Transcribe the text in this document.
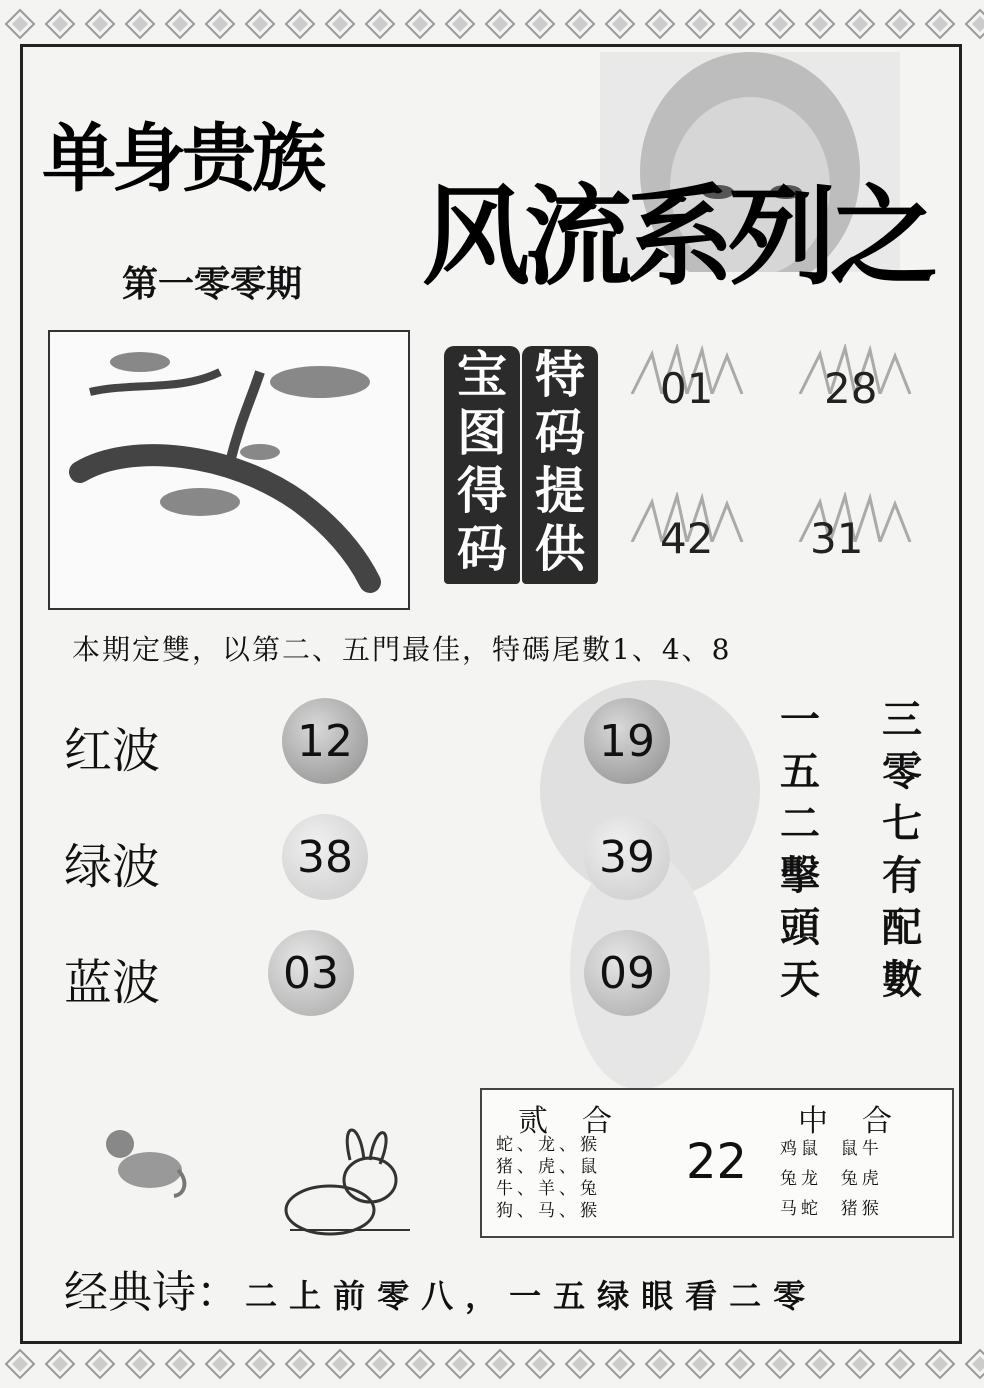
单身贵族
第一零零期 风流系列之
宝
图
得
码
特
码
提
供
01	28
42 31
本期定雙，以第二、五門最佳，特碼尾數1、4、8
红波	12	19
绿波	38	39
蓝波	03	09
一
五
二
擊
頭
天
三
零
七
有
配
數
贰合
蛇、龙、猴
猪、虎、鼠
牛、羊、兔
狗、马、猴
22
中合
鸡鼠  鼠牛
兔龙  兔虎
马蛇  猪猴
经典诗： 二上前零八，一五绿眼看二零
